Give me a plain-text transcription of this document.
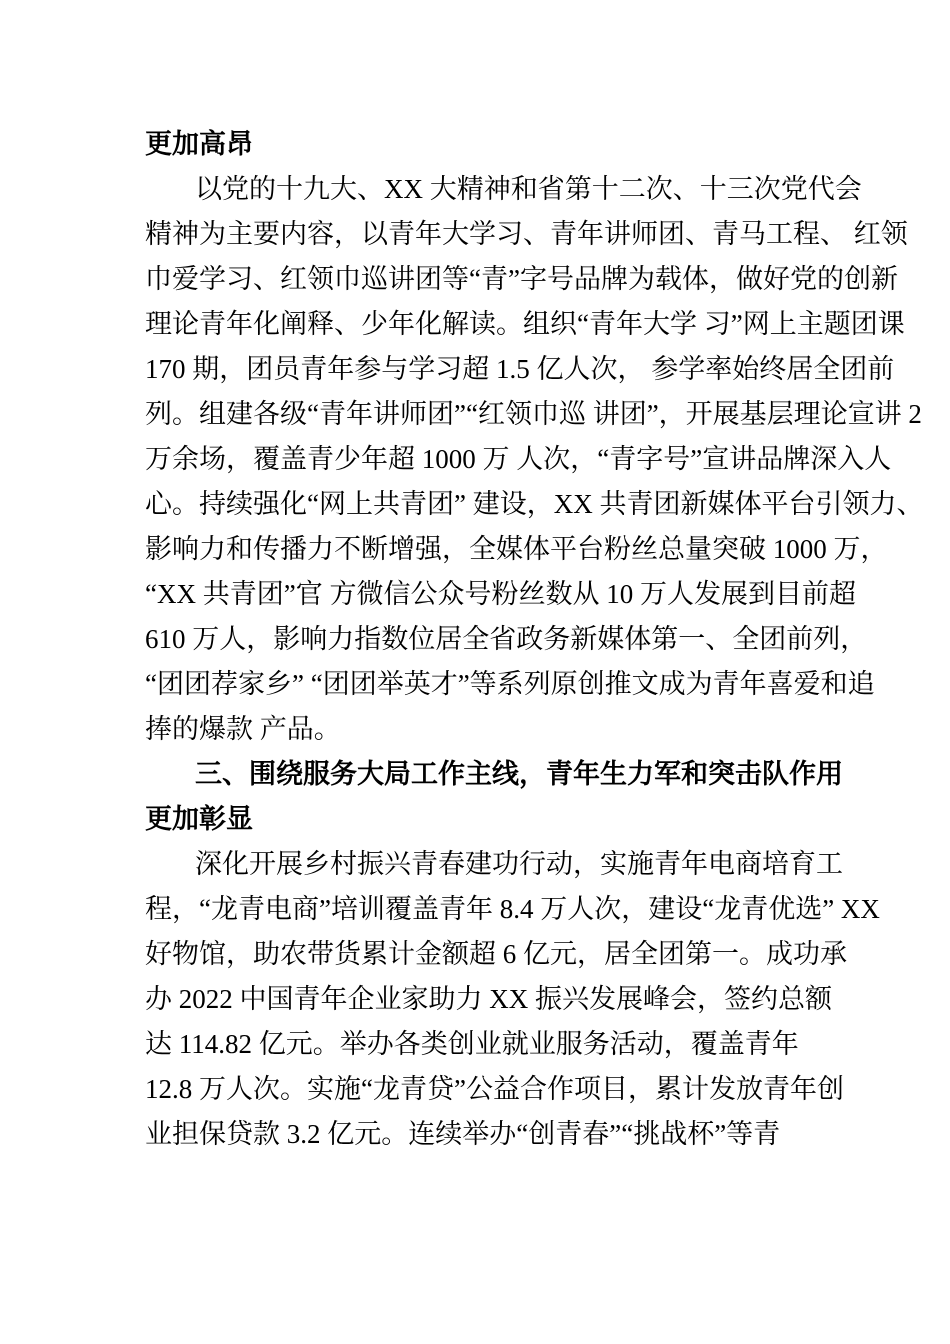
更加高昂
以党的十九大、XX 大精神和省第十二次、十三次党代会
精神为主要内容，以青年大学习、青年讲师团、青马工程、 红领
巾爱学习、红领巾巡讲团等“青”字号品牌为载体，做好党的创新
理论青年化阐释、少年化解读。组织“青年大学 习”网上主题团课
170 期，团员青年参与学习超 1.5 亿人次， 参学率始终居全团前
列。组建各级“青年讲师团”“红领巾巡 讲团”，开展基层理论宣讲 2
万余场，覆盖青少年超 1000 万 人次，“青字号”宣讲品牌深入人
心。持续强化“网上共青团” 建设，XX 共青团新媒体平台引领力、
影响力和传播力不断增强，全媒体平台粉丝总量突破 1000 万，
“XX 共青团”官 方微信公众号粉丝数从 10 万人发展到目前超
610 万人，影响力指数位居全省政务新媒体第一、全团前列，
“团团荐家乡” “团团举英才”等系列原创推文成为青年喜爱和追
捧的爆款 产品。
三、围绕服务大局工作主线，青年生力军和突击队作用
更加彰显
深化开展乡村振兴青春建功行动，实施青年电商培育工
程，“龙青电商”培训覆盖青年 8.4 万人次，建设“龙青优选” XX
好物馆，助农带货累计金额超 6 亿元，居全团第一。成功承
办 2022 中国青年企业家助力 XX 振兴发展峰会，签约总额
达 114.82 亿元。举办各类创业就业服务活动，覆盖青年
12.8 万人次。实施“龙青贷”公益合作项目，累计发放青年创
业担保贷款 3.2 亿元。连续举办“创青春”“挑战杯”等青
